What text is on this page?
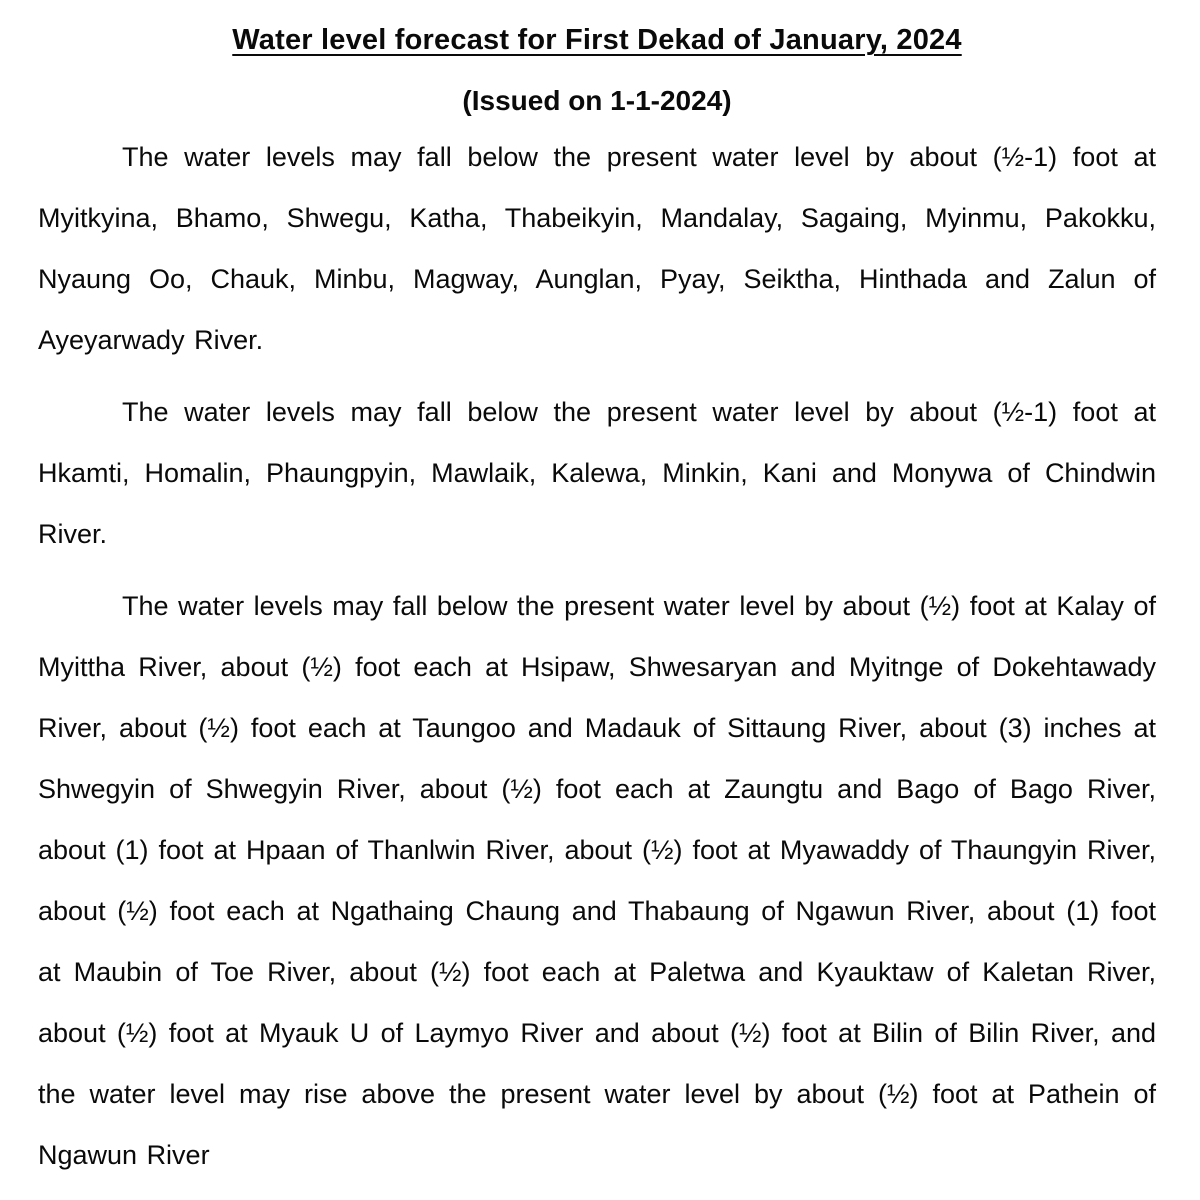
Water level forecast for First Dekad of January, 2024
(Issued on 1-1-2024)

The water levels may fall below the present water level by about (½-1) foot at Myitkyina, Bhamo, Shwegu, Katha, Thabeikyin, Mandalay, Sagaing, Myinmu, Pakokku, Nyaung Oo, Chauk, Minbu, Magway, Aunglan, Pyay, Seiktha, Hinthada and Zalun of Ayeyarwady River.

The water levels may fall below the present water level by about (½-1) foot at Hkamti, Homalin, Phaungpyin, Mawlaik, Kalewa, Minkin, Kani and Monywa of Chindwin River.

The water levels may fall below the present water level by about (½) foot at Kalay of Myittha River, about (½) foot each at Hsipaw, Shwesaryan and Myitnge of Dokehtawady River, about (½) foot each at Taungoo and Madauk of Sittaung River, about (3) inches at Shwegyin of Shwegyin River, about (½) foot each at Zaungtu and Bago of Bago River, about (1) foot at Hpaan of Thanlwin River, about (½) foot at Myawaddy of Thaungyin River, about (½) foot each at Ngathaing Chaung and Thabaung of Ngawun River, about (1) foot at Maubin of Toe River, about (½) foot each at Paletwa and Kyauktaw of Kaletan River, about (½) foot at Myauk U of Laymyo River and about (½) foot at Bilin of Bilin River, and the water level may rise above the present water level by about (½) foot at Pathein of Ngawun River
